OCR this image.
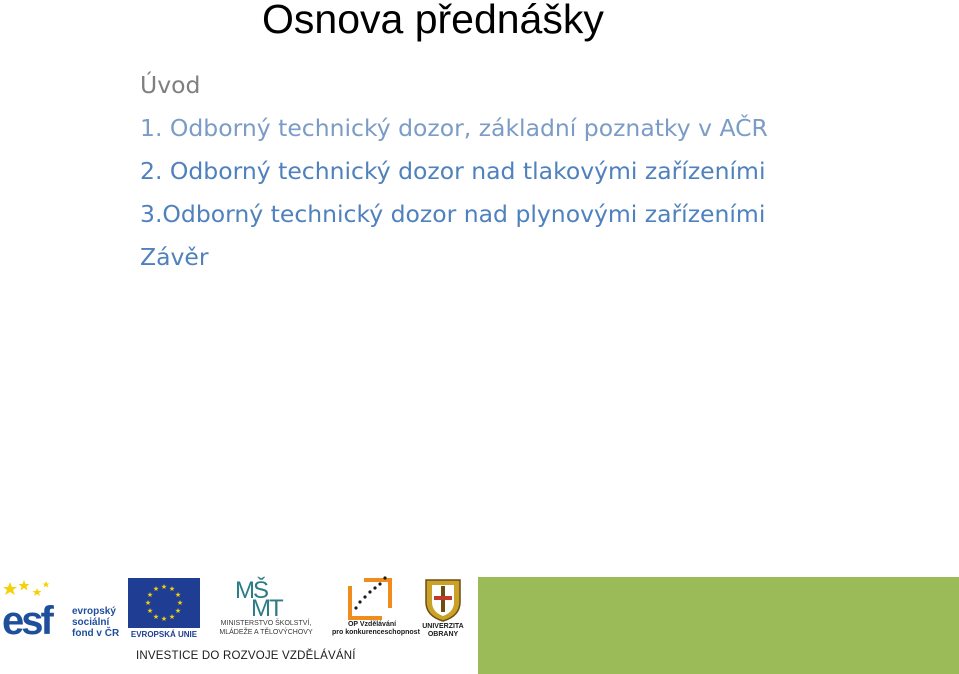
Osnova přednášky
Úvod
1. Odborný technický dozor, základní poznatky v AČR
2. Odborný technický dozor nad tlakovými zařízeními
3.Odborný technický dozor nad plynovými zařízeními
Závěr
esf	evropský
sociální
fond v ČR
★ ★
★
★
★
★
★
★
★
★
★
★
EVROPSKÁ UNIE
MŠ
MT
MINISTERSTVO ŠKOLSTVÍ,
MLÁDEŽE A TĚLOVÝCHOVY
OP Vzdělávání
pro konkurenceschopnost
UNIVERZITA
OBRANY
INVESTICE DO ROZVOJE VZDĚLÁVÁNÍ
